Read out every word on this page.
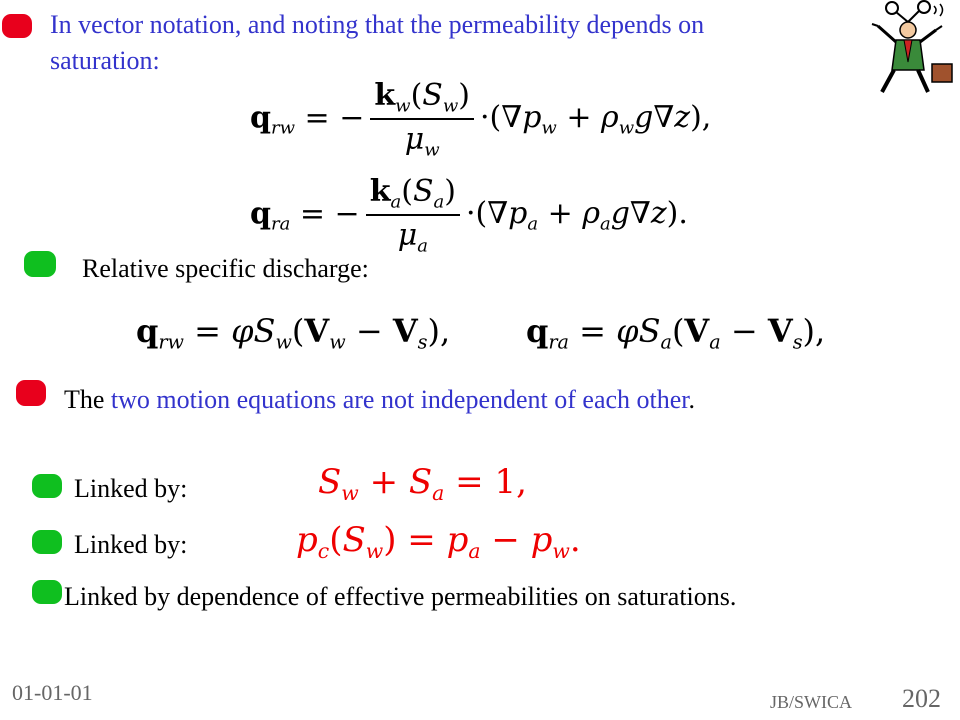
In vector notation, and noting that the permeability depends on
saturation:
$q_{rw}$ = − $\frac{k_w(S_w)}{\mu_w} \cdot(\nabla p_w + \rho_wg\nabla z)$,
$q_{ra}$ = − $\frac{k_a(S_a)}{\mu_a} \cdot(\nabla p_a + \rho_ag\nabla z)$.
Relative specific discharge:
$q_{rw} = \varphi S_w(V_w - V_s)$, $q_{ra} = \varphi S_a(V_a - V_s)$,
The two motion equations are not independent of each other.
Linked by:	$S_w + S_a = 1$,
Linked by:	$p_c(S_w) = p_a - p_w$.
Linked by dependence of effective permeabilities on saturations.
01-01-01	JB/SWICA 202
